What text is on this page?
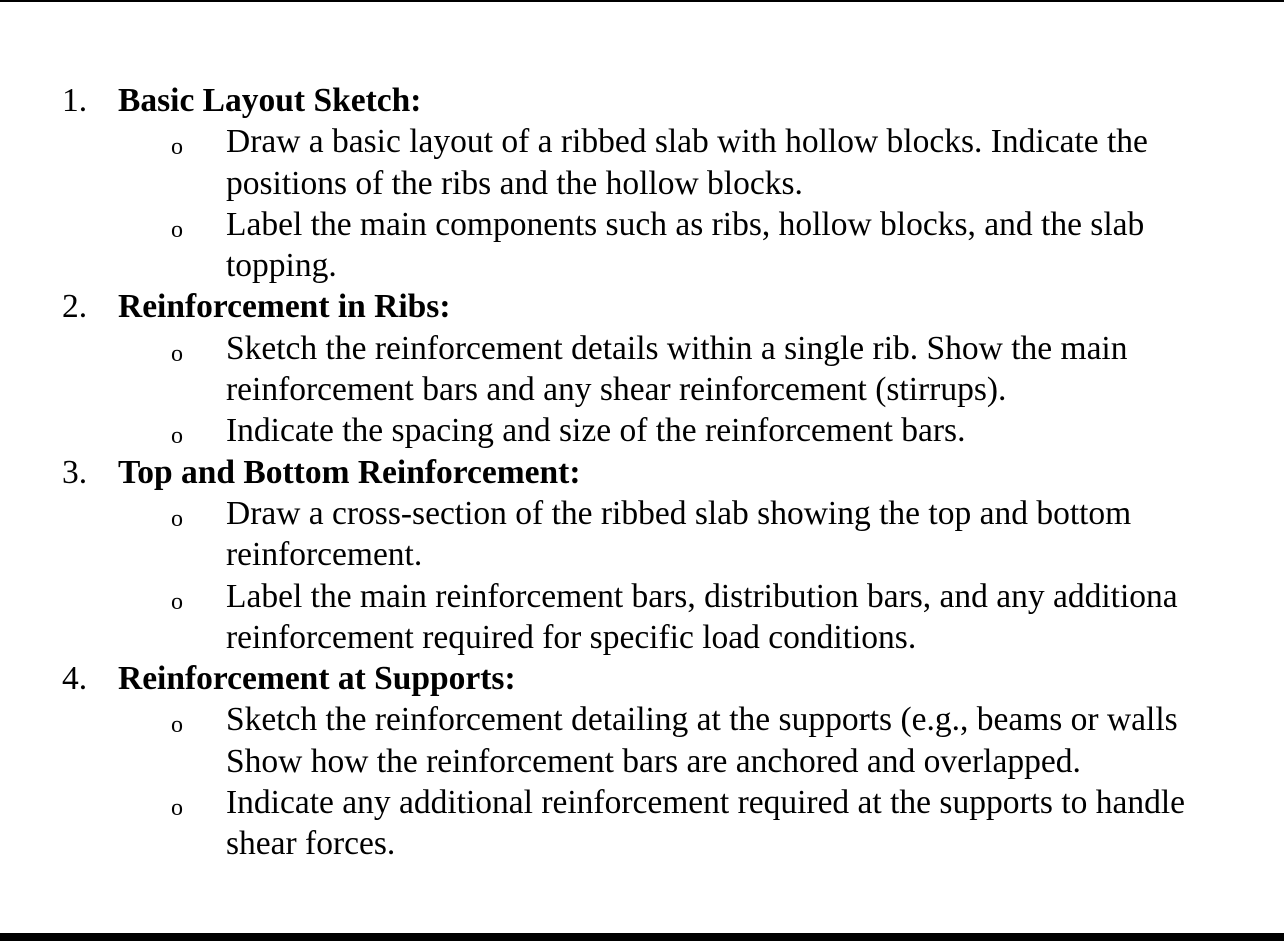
1. Basic Layout Sketch:
o Draw a basic layout of a ribbed slab with hollow blocks. Indicate the
positions of the ribs and the hollow blocks.
o Label the main components such as ribs, hollow blocks, and the slab
topping.
2. Reinforcement in Ribs:
o Sketch the reinforcement details within a single rib. Show the main
reinforcement bars and any shear reinforcement (stirrups).
o Indicate the spacing and size of the reinforcement bars.
3. Top and Bottom Reinforcement:
o Draw a cross-section of the ribbed slab showing the top and bottom
reinforcement.
o Label the main reinforcement bars, distribution bars, and any additiona
reinforcement required for specific load conditions.
4. Reinforcement at Supports:
o Sketch the reinforcement detailing at the supports (e.g., beams or walls
Show how the reinforcement bars are anchored and overlapped.
o Indicate any additional reinforcement required at the supports to handle
shear forces.
